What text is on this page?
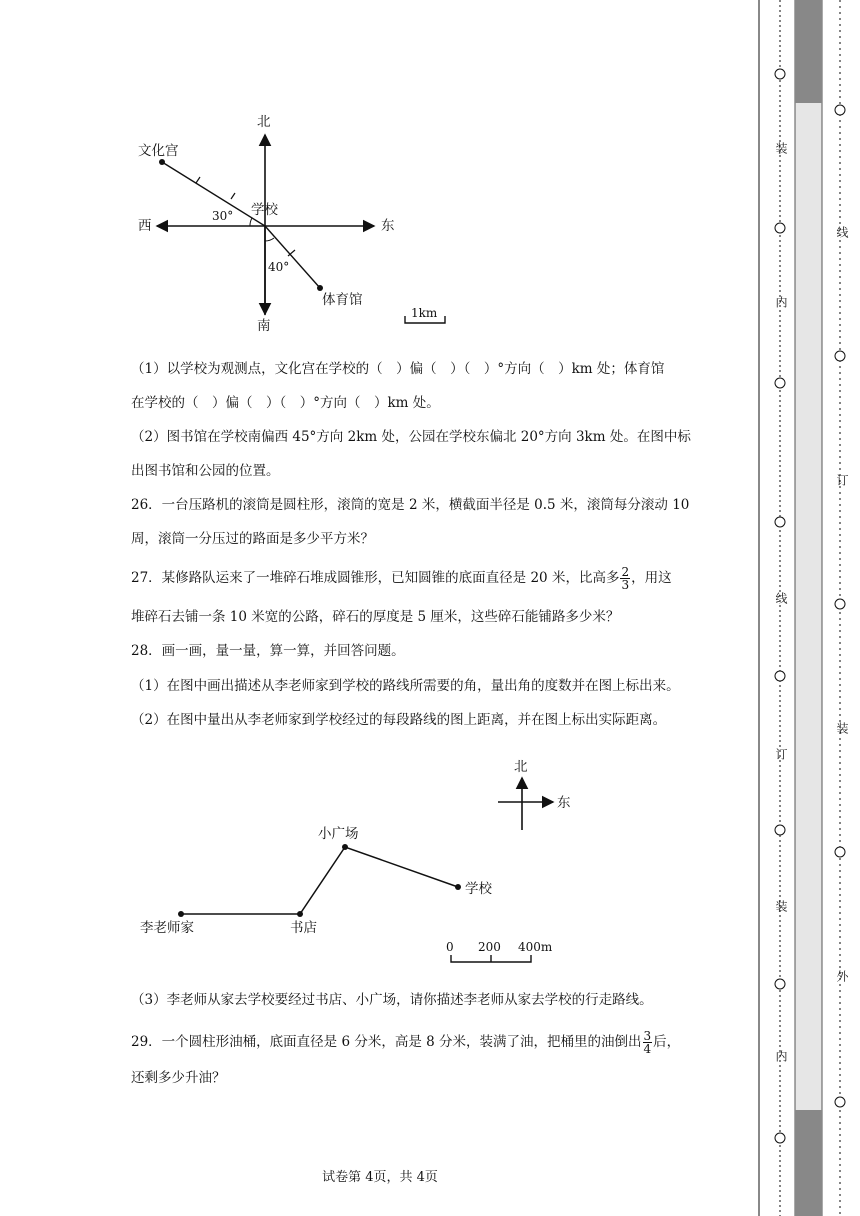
北
南
东
西
学校
文化宫
体育馆
30°
40°
1km
（1）以学校为观测点，文化宫在学校的（　）偏（　）（　）°方向（　）km 处；体育馆
在学校的（　）偏（　）（　）°方向（　）km 处。
（2）图书馆在学校南偏西 45°方向 2km 处，公园在学校东偏北 20°方向 3km 处。在图中标
出图书馆和公园的位置。
26．一台压路机的滚筒是圆柱形，滚筒的宽是 2 米，横截面半径是 0.5 米，滚筒每分滚动 10
周，滚筒一分压过的路面是多少平方米？
27．某修路队运来了一堆碎石堆成圆锥形，已知圆锥的底面直径是 20 米，比高多 $\frac{2}{3}$ ，用这
堆碎石去铺一条 10 米宽的公路，碎石的厚度是 5 厘米，这些碎石能铺路多少米？
28．画一画，量一量，算一算，并回答问题。
（1）在图中画出描述从李老师家到学校的路线所需要的角，量出角的度数并在图上标出来。
（2）在图中量出从李老师家到学校经过的每段路线的图上距离，并在图上标出实际距离。
北
东
李老师家	书店
小广场
学校
0 200 400m
（3）李老师从家去学校要经过书店、小广场，请你描述李老师从家去学校的行走路线。
29．一个圆柱形油桶，底面直径是 6 分米，高是 8 分米，装满了油，把桶里的油倒出 $\frac{3}{4}$ 后，
还剩多少升油？
试卷第 4页，共 4页
装
内
线
订
装
内
线
订
装
外
